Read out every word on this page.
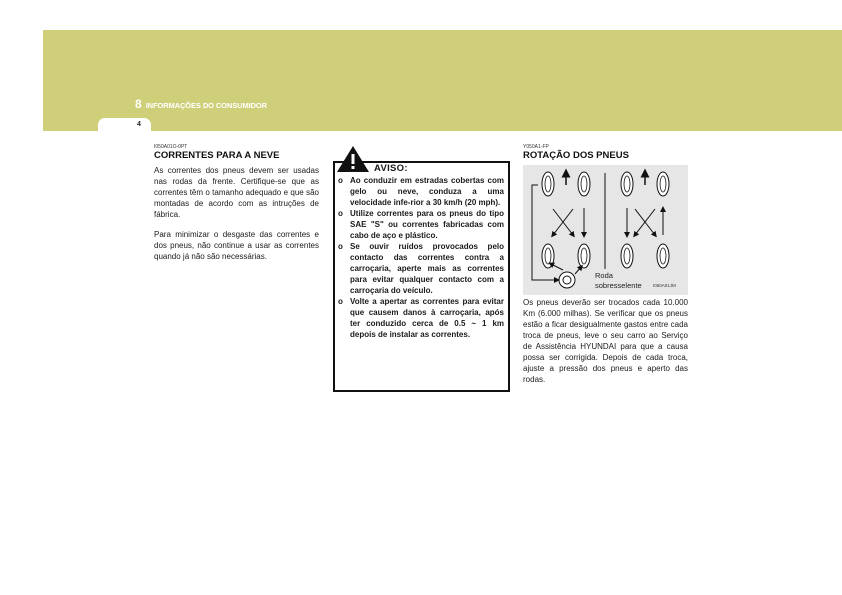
8 INFORMAÇÕES DO CONSUMIDOR
4
I050A01O-0PT
CORRENTES PARA A NEVE

As correntes dos pneus devem ser usadas nas rodas da frente. Certifique-se que as correntes têm o tamanho adequado e que são montadas de acordo com as intruções de fábrica.

Para minimizar o desgaste das correntes e dos pneus, não continue a usar as correntes quando já não são necessárias.

AVISO:
o Ao conduzir em estradas cobertas com gelo ou neve, conduza a uma velocidade infe-rior a 30 km/h (20 mph).
o Utilize correntes para os pneus do tipo SAE "S" ou correntes fabricadas com cabo de aço e plástico.
o Se ouvir ruídos provocados pelo contacto das correntes contra a carroçaria, aperte mais as correntes para evitar qualquer contacto com a carroçaria do veículo.
o Volte a apertar as correntes para evitar que causem danos à carroçaria, após ter conduzido cerca de 0.5 ~ 1 km depois de instalar as correntes.
Y050A1-FP
ROTAÇÃO DOS PNEUS
Roda
sobresselente	I050A01JM

Os pneus deverão ser trocados cada 10.000 Km (6.000 milhas). Se verificar que os pneus estão a ficar desigualmente gastos entre cada troca de pneus, leve o seu carro ao Serviço de Assistência HYUNDAI para que a causa possa ser corrigida. Depois de cada troca, ajuste a pressão dos pneus e aperto das rodas.
